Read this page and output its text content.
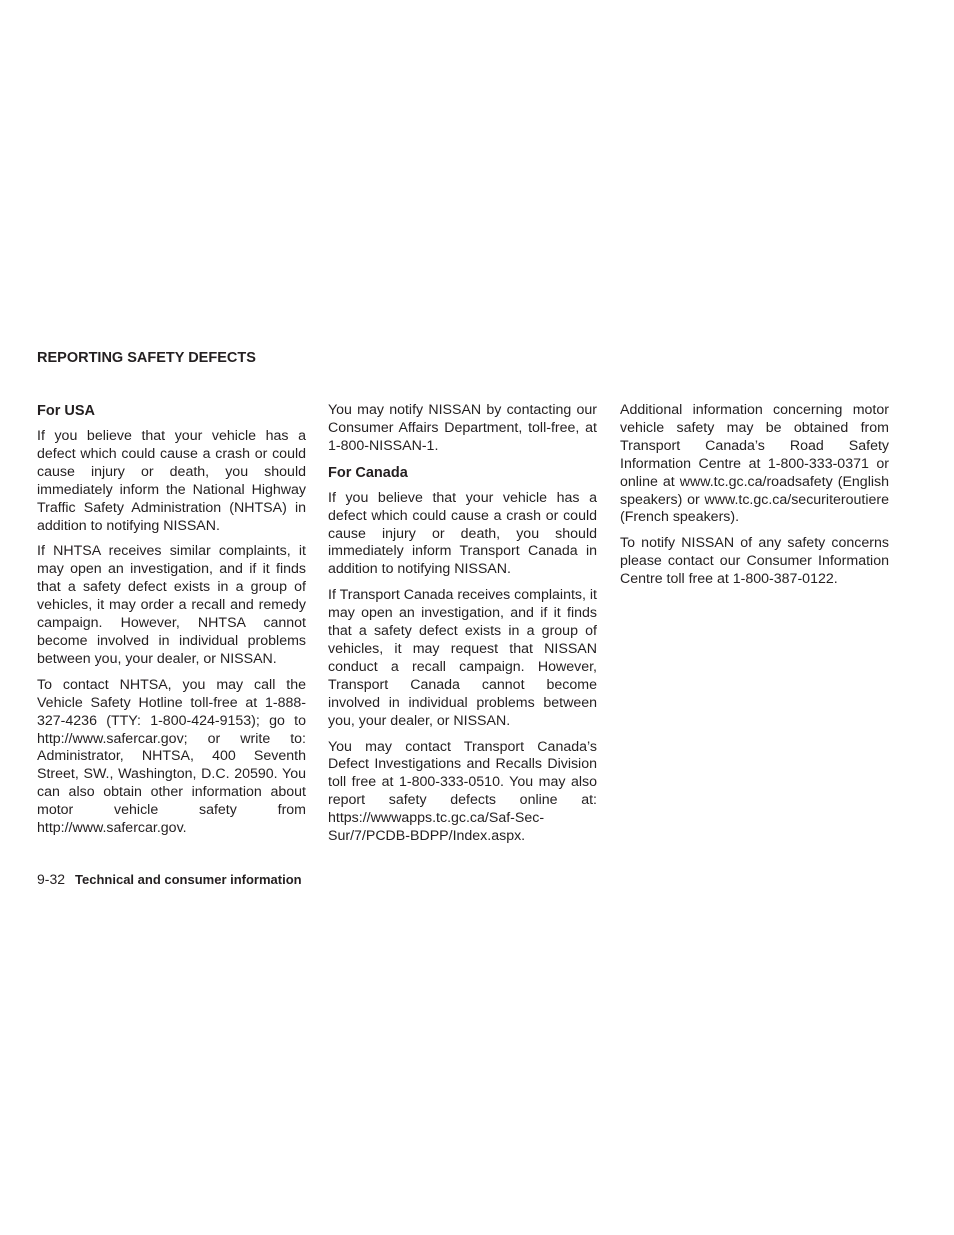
REPORTING SAFETY DEFECTS
For USA

If you believe that your vehicle has a defect which could cause a crash or could cause injury or death, you should immediately inform the National Highway Traffic Safety Administration (NHTSA) in addition to notifying NISSAN.

If NHTSA receives similar complaints, it may open an investigation, and if it finds that a safety defect exists in a group of vehicles, it may order a recall and remedy campaign. However, NHTSA cannot become involved in individual problems between you, your dealer, or NISSAN.

To contact NHTSA, you may call the Vehicle Safety Hotline toll-free at 1-888-327-4236 (TTY: 1-800-424-9153); go to http://www.safercar.gov; or write to: Administrator, NHTSA, 400 Seventh Street, SW., Washington, D.C. 20590. You can also obtain other information about motor vehicle safety from http://www.safercar.gov.

You may notify NISSAN by contacting our Consumer Affairs Department, toll-free, at 1-800-NISSAN-1.

For Canada

If you believe that your vehicle has a defect which could cause a crash or could cause injury or death, you should immediately inform Transport Canada in addition to notifying NISSAN.

If Transport Canada receives complaints, it may open an investigation, and if it finds that a safety defect exists in a group of vehicles, it may request that NISSAN conduct a recall campaign. However, Transport Canada cannot become involved in individual problems between you, your dealer, or NISSAN.

You may contact Transport Canada’s Defect Investigations and Recalls Division toll free at 1-800-333-0510. You may also report safety defects online at: https://wwwapps.tc.gc.ca/Saf-Sec-Sur/7/PCDB-BDPP/Index.aspx.

Additional information concerning motor vehicle safety may be obtained from Transport Canada’s Road Safety Information Centre at 1-800-333-0371 or online at www.tc.gc.ca/roadsafety (English speakers) or www.tc.gc.ca/securiteroutiere (French speakers).

To notify NISSAN of any safety concerns please contact our Consumer Information Centre toll free at 1-800-387-0122.

9-32 Technical and consumer information
